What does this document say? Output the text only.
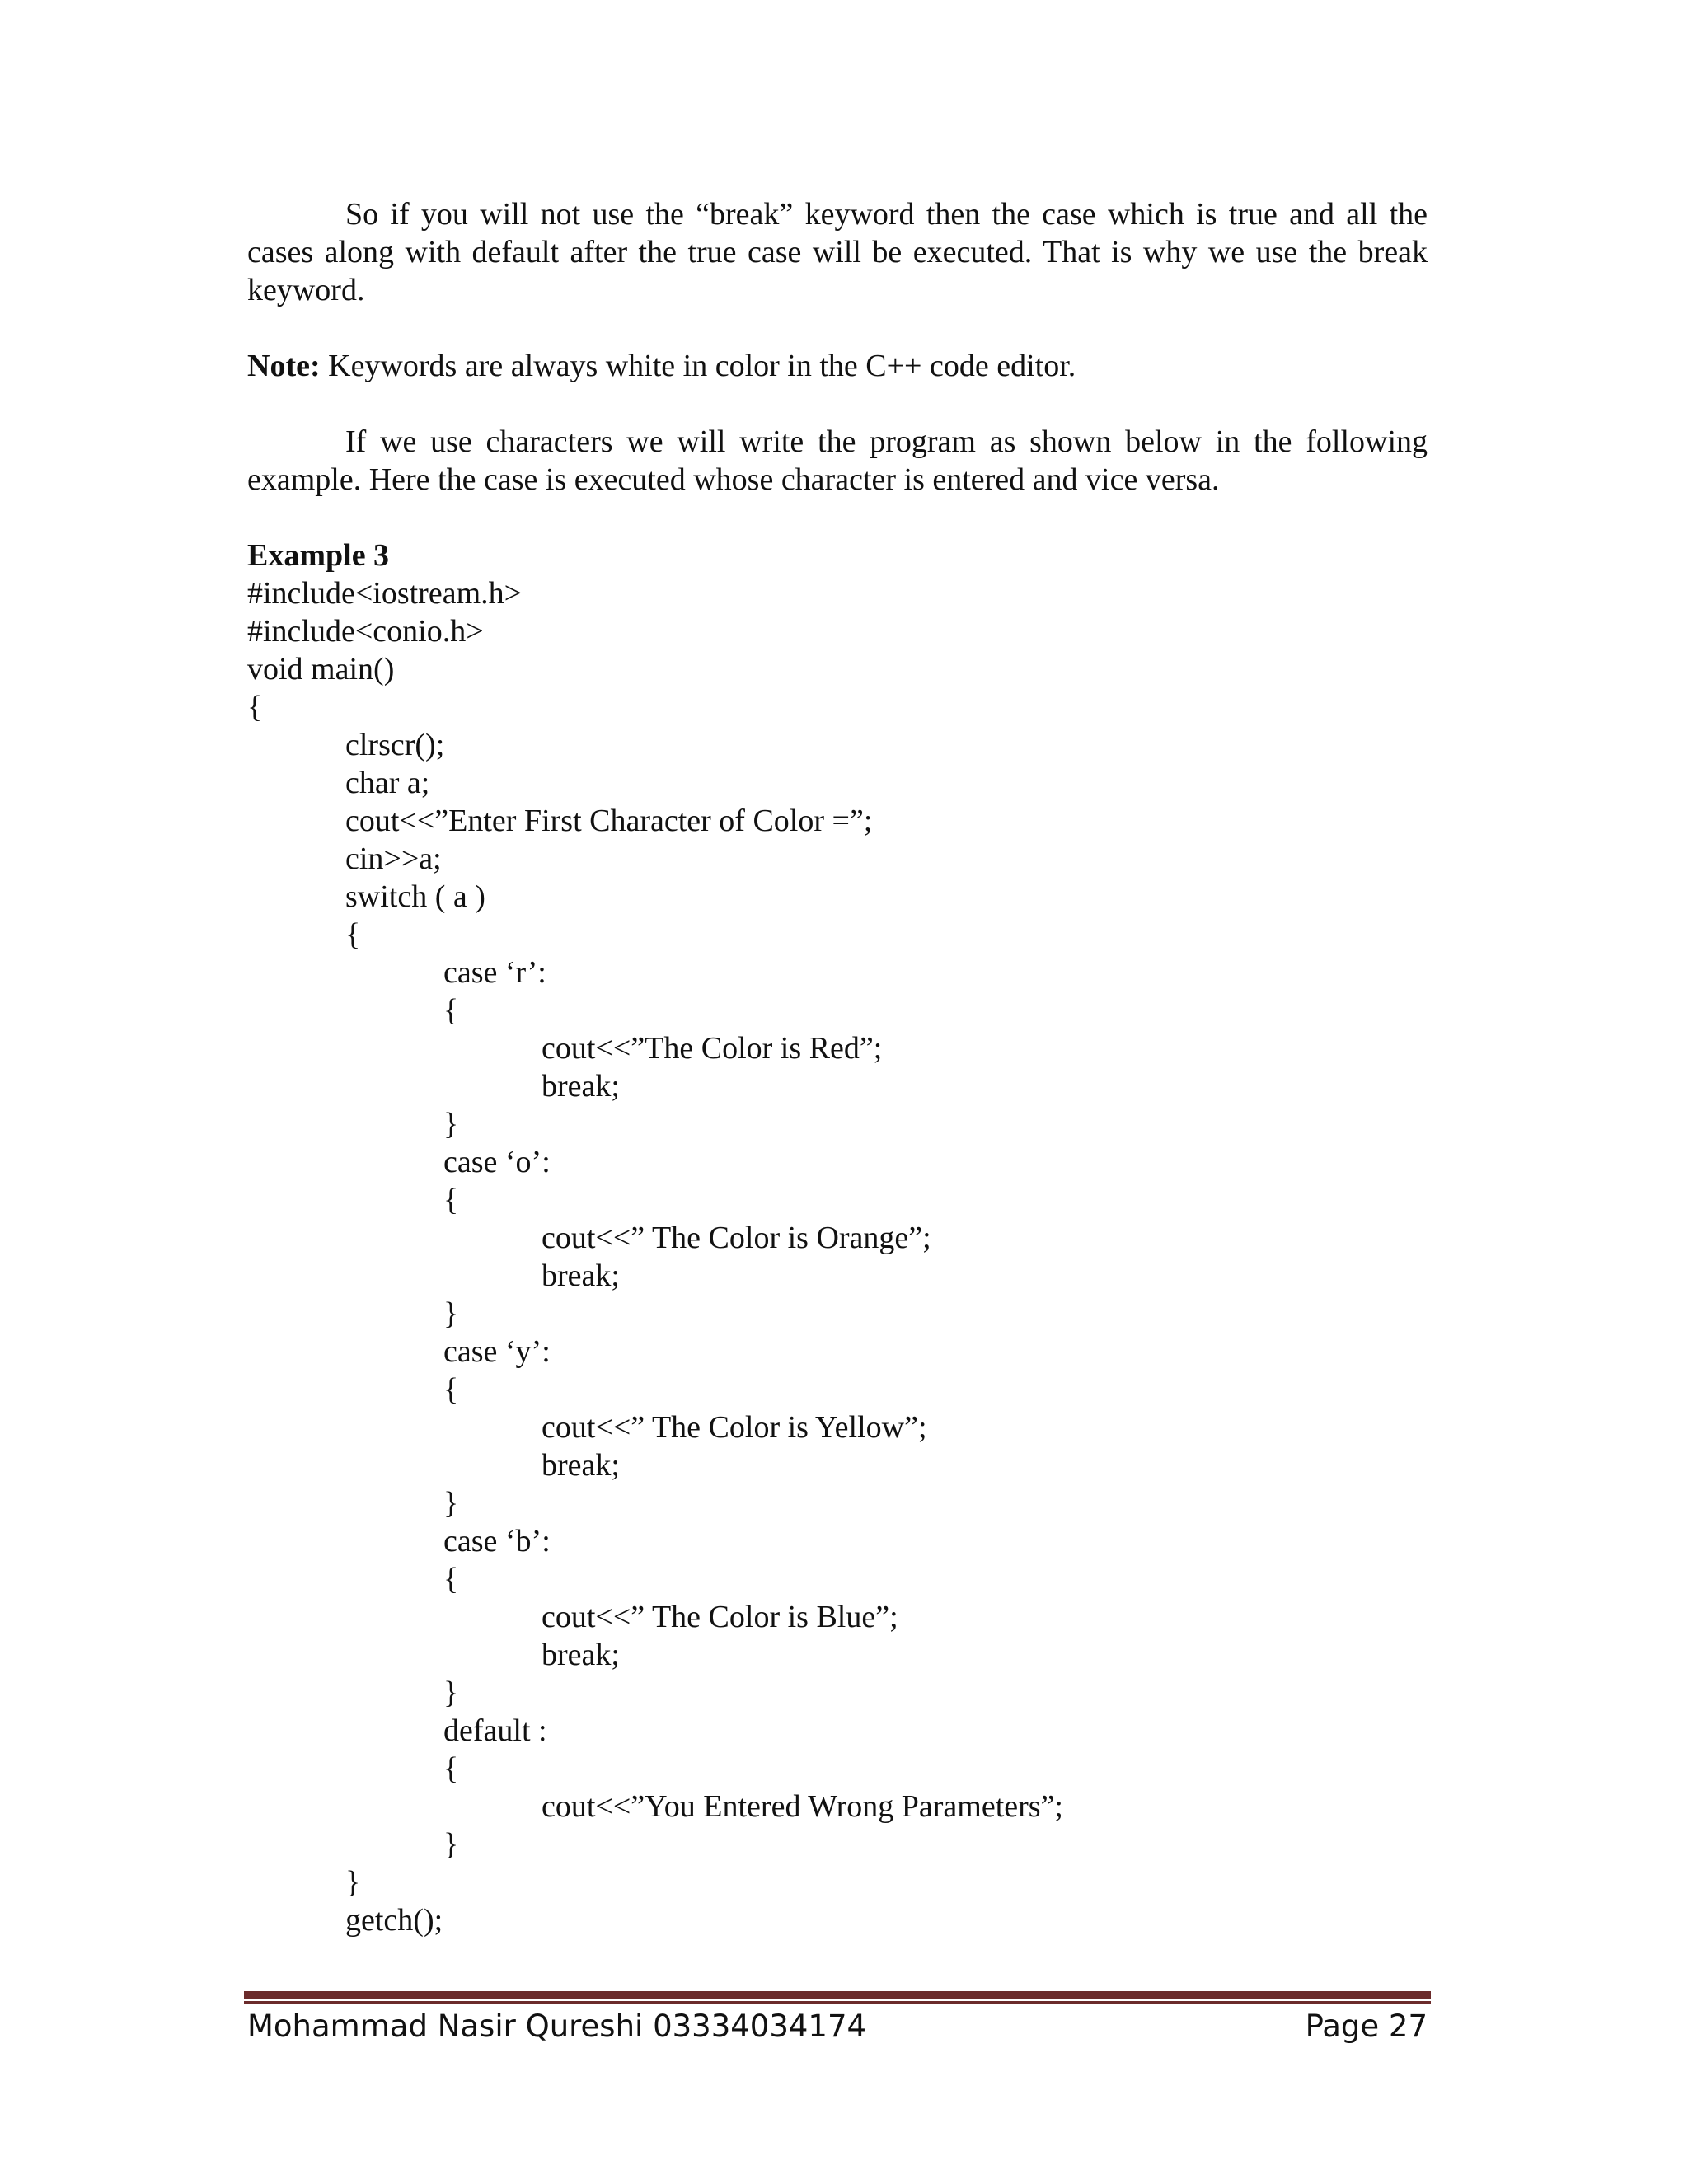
So if you will not use the “break” keyword then the case which is true and all the cases along with default after the true case will be executed. That is why we use the break keyword.

Note: Keywords are always white in color in the C++ code editor.

If we use characters we will write the program as shown below in the following example. Here the case is executed whose character is entered and vice versa.

Example 3
#include<iostream.h>
#include<conio.h>
void main()
{
clrscr();
char a;
cout<<”Enter First Character of Color =”;
cin>>a;
switch ( a )
{
case ‘r’:
{
cout<<”The Color is Red”;
break;
}
case ‘o’:
{
cout<<” The Color is Orange”;
break;
}
case ‘y’:
{
cout<<” The Color is Yellow”;
break;
}
case ‘b’:
{
cout<<” The Color is Blue”;
break;
}
default :
{
cout<<”You Entered Wrong Parameters”;
}
}
getch();
Mohammad Nasir Qureshi 03334034174	Page 27
